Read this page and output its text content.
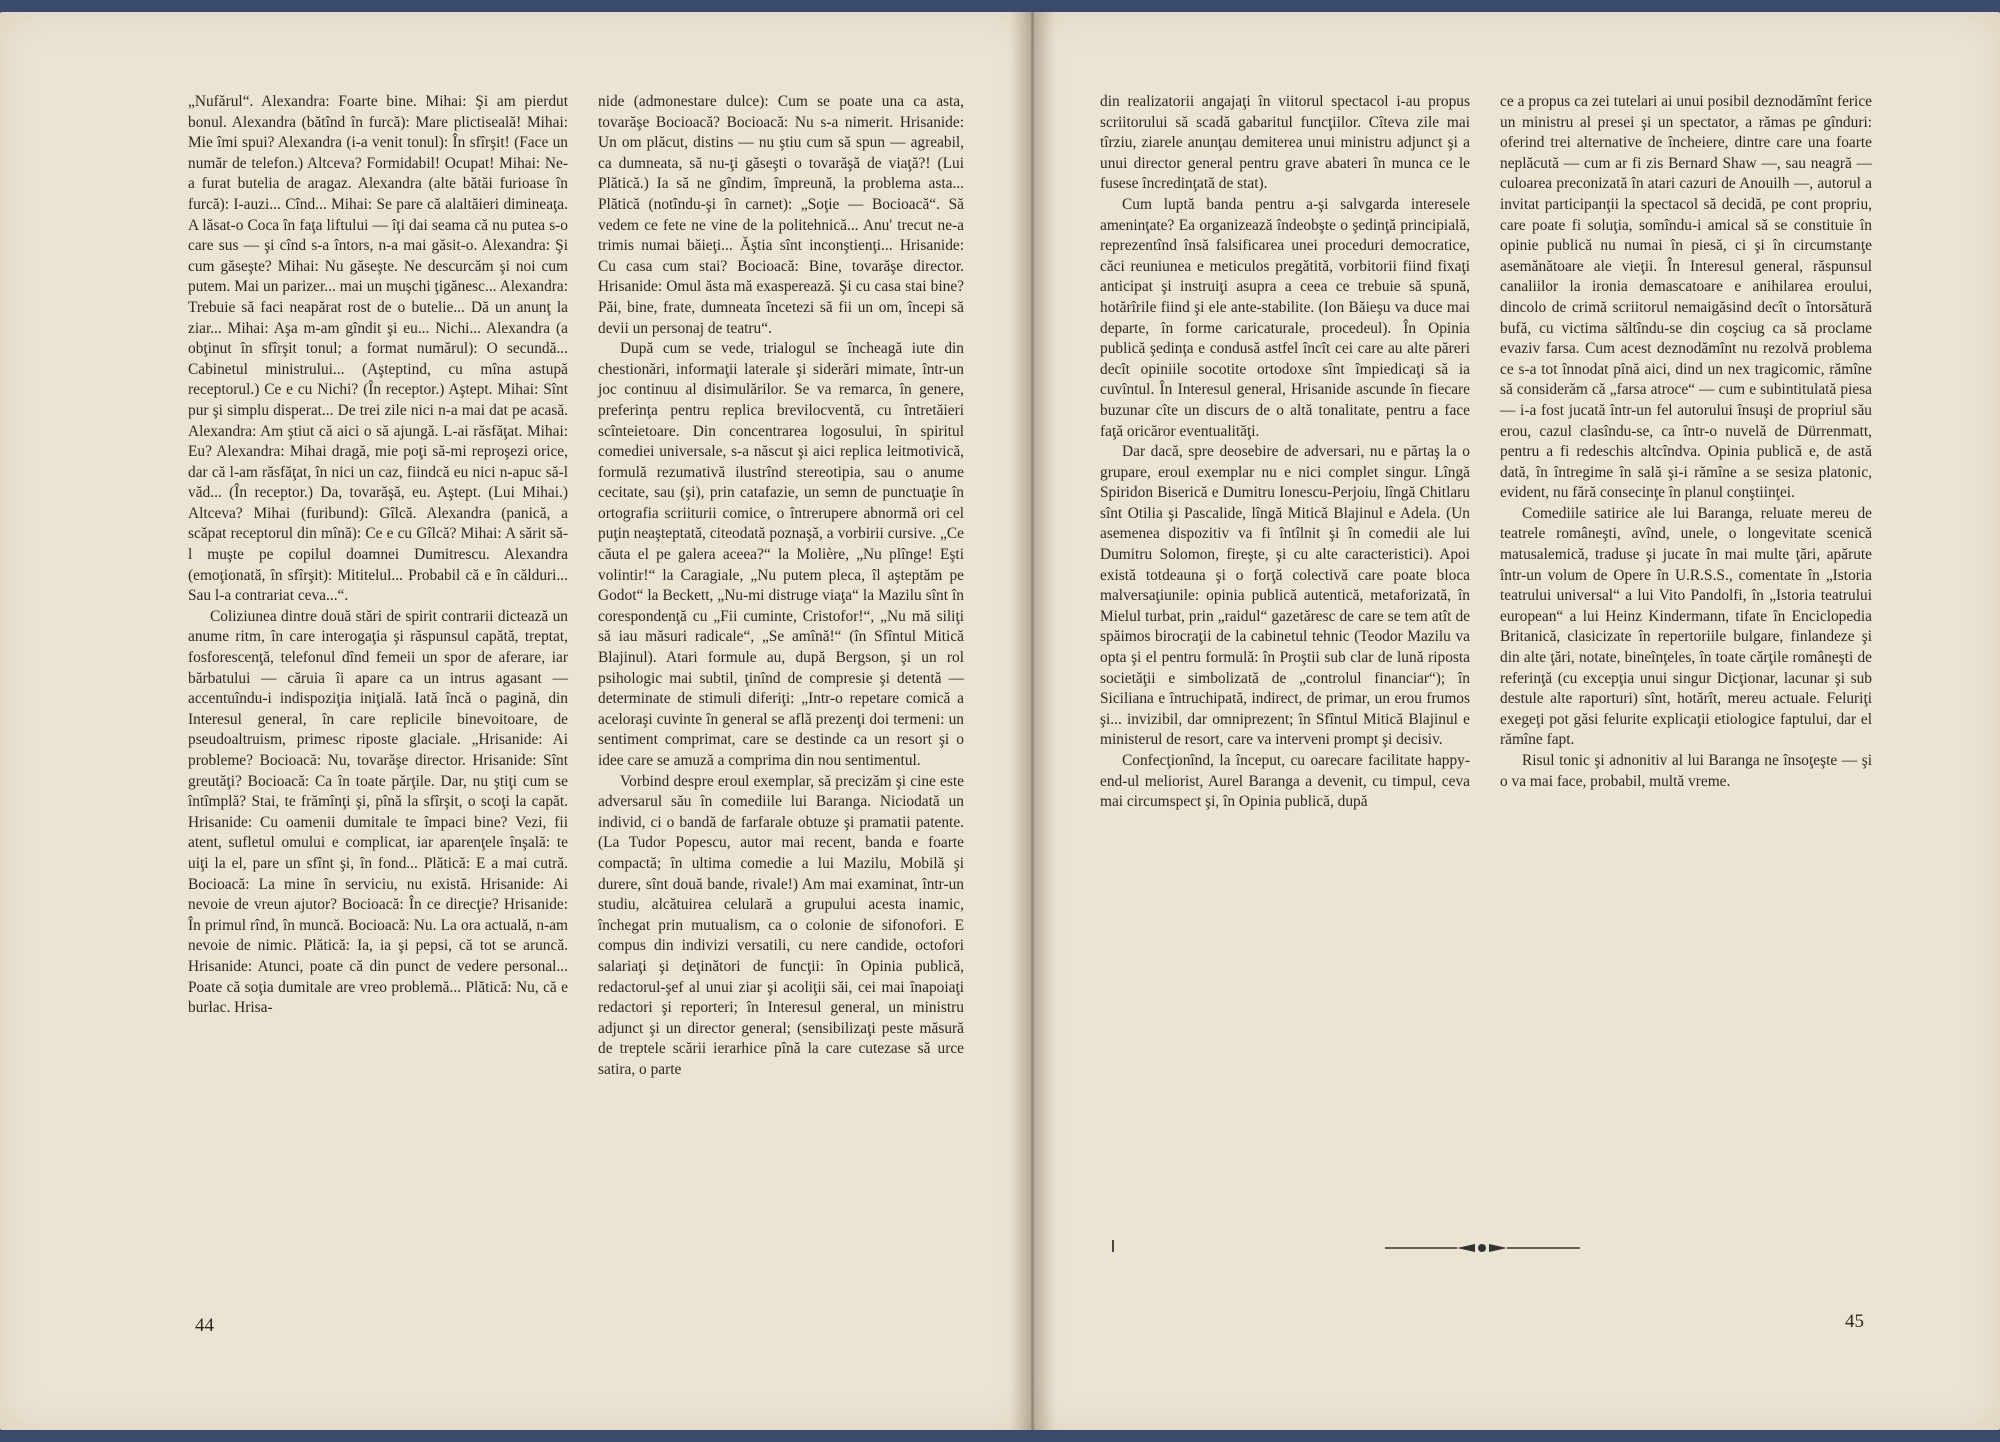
„Nufărul“. Alexandra: Foarte bine. Mihai: Şi am pierdut bonul. Alexandra (bătînd în furcă): Mare plictiseală! Mihai: Mie îmi spui? Alexandra (i-a venit tonul): În sfîrşit! (Face un număr de telefon.) Altceva? Formidabil! Ocupat! Mihai: Ne-a furat butelia de aragaz. Alexandra (alte bătăi furioase în furcă): I-auzi... Cînd... Mihai: Se pare că alaltăieri dimineaţa. A lăsat-o Coca în faţa liftului — îţi dai seama că nu putea s-o care sus — şi cînd s-a întors, n-a mai găsit-o. Alexandra: Şi cum găseşte? Mihai: Nu găseşte. Ne descurcăm şi noi cum putem. Mai un parizer... mai un muşchi ţigănesc... Alexandra: Trebuie să faci neapărat rost de o butelie... Dă un anunţ la ziar... Mihai: Aşa m-am gîndit şi eu... Nichi... Alexandra (a obţinut în sfîrşit tonul; a format numărul): O secundă... Cabinetul ministrului... (Aşteptind, cu mîna astupă receptorul.) Ce e cu Nichi? (În receptor.) Aştept. Mihai: Sînt pur şi simplu disperat... De trei zile nici n-a mai dat pe acasă. Alexandra: Am ştiut că aici o să ajungă. L-ai răsfăţat. Mihai: Eu? Alexandra: Mihai dragă, mie poţi să-mi reproşezi orice, dar că l-am răsfăţat, în nici un caz, fiindcă eu nici n-apuc să-l văd... (În receptor.) Da, tovarăşă, eu. Aştept. (Lui Mihai.) Altceva? Mihai (furibund): Gîlcă. Alexandra (panică, a scăpat receptorul din mînă): Ce e cu Gîlcă? Mihai: A sărit să-l muşte pe copilul doamnei Dumitrescu. Alexandra (emoţionată, în sfîrşit): Mititelul... Probabil că e în călduri... Sau l-a contrariat ceva...“.

Coliziunea dintre două stări de spirit contrarii dictează un anume ritm, în care interogaţia şi răspunsul capătă, treptat, fosforescenţă, telefonul dînd femeii un spor de aferare, iar bărbatului — căruia îi apare ca un intrus agasant — accentuîndu-i indispoziţia iniţială. Iată încă o pagină, din Interesul general, în care replicile binevoitoare, de pseudoaltruism, primesc riposte glaciale. „Hrisanide: Ai probleme? Bocioacă: Nu, tovarăşe director. Hrisanide: Sînt greutăţi? Bocioacă: Ca în toate părţile. Dar, nu ştiţi cum se întîmplă? Stai, te frămînţi şi, pînă la sfîrşit, o scoţi la capăt. Hrisanide: Cu oamenii dumitale te împaci bine? Vezi, fii atent, sufletul omului e complicat, iar aparenţele înşală: te uiţi la el, pare un sfînt şi, în fond... Plătică: E a mai cutră. Bocioacă: La mine în serviciu, nu există. Hrisanide: Ai nevoie de vreun ajutor? Bocioacă: În ce direcţie? Hrisanide: În primul rînd, în muncă. Bocioacă: Nu. La ora actuală, n-am nevoie de nimic. Plătică: Ia, ia şi pepsi, că tot se aruncă. Hrisanide: Atunci, poate că din punct de vedere personal... Poate că soţia dumitale are vreo problemă... Plătică: Nu, că e burlac. Hrisa-

nide (admonestare dulce): Cum se poate una ca asta, tovarăşe Bocioacă? Bocioacă: Nu s-a nimerit. Hrisanide: Un om plăcut, distins — nu ştiu cum să spun — agreabil, ca dumneata, să nu-ţi găseşti o tovarăşă de viaţă?! (Lui Plătică.) Ia să ne gîndim, împreună, la problema asta... Plătică (notîndu-şi în carnet): „Soţie — Bocioacă“. Să vedem ce fete ne vine de la politehnică... Anu' trecut ne-a trimis numai băieţi... Ăştia sînt inconştienţi... Hrisanide: Cu casa cum stai? Bocioacă: Bine, tovarăşe director. Hrisanide: Omul ăsta mă exasperează. Şi cu casa stai bine? Păi, bine, frate, dumneata încetezi să fii un om, începi să devii un personaj de teatru“.

După cum se vede, trialogul se încheagă iute din chestionări, informaţii laterale şi siderări mimate, într-un joc continuu al disimulărilor. Se va remarca, în genere, preferinţa pentru replica brevilocventă, cu întretăieri scînteietoare. Din concentrarea logosului, în spiritul comediei universale, s-a născut şi aici replica leitmotivică, formulă rezumativă ilustrînd stereotipia, sau o anume cecitate, sau (şi), prin catafazie, un semn de punctuaţie în ortografia scriiturii comice, o întrerupere abnormă ori cel puţin neaşteptată, citeodată poznaşă, a vorbirii cursive. „Ce căuta el pe galera aceea?“ la Molière, „Nu plînge! Eşti volintir!“ la Caragiale, „Nu putem pleca, îl aşteptăm pe Godot“ la Beckett, „Nu-mi distruge viaţa“ la Mazilu sînt în corespondenţă cu „Fii cuminte, Cristofor!“, „Nu mă siliţi să iau măsuri radicale“, „Se amînă!“ (în Sfîntul Mitică Blajinul). Atari formule au, după Bergson, şi un rol psihologic mai subtil, ţinînd de compresie şi detentă — determinate de stimuli diferiţi: „Intr-o repetare comică a aceloraşi cuvinte în general se află prezenţi doi termeni: un sentiment comprimat, care se destinde ca un resort şi o idee care se amuză a comprima din nou sentimentul.

Vorbind despre eroul exemplar, să precizăm şi cine este adversarul său în comediile lui Baranga. Niciodată un individ, ci o bandă de farfarale obtuze şi pramatii patente. (La Tudor Popescu, autor mai recent, banda e foarte compactă; în ultima comedie a lui Mazilu, Mobilă şi durere, sînt două bande, rivale!) Am mai examinat, într-un studiu, alcătuirea celulară a grupului acesta inamic, închegat prin mutualism, ca o colonie de sifonofori. E compus din indivizi versatili, cu nere candide, octofori salariaţi şi deţinători de funcţii: în Opinia publică, redactorul-şef al unui ziar şi acoliţii săi, cei mai înapoiaţi redactori şi reporteri; în Interesul general, un ministru adjunct şi un director general; (sensibilizaţi peste măsură de treptele scării ierarhice pînă la care cutezase să urce satira, o parte

din realizatorii angajaţi în viitorul spectacol i-au propus scriitorului să scadă gabaritul funcţiilor. Cîteva zile mai tîrziu, ziarele anunţau demiterea unui ministru adjunct şi a unui director general pentru grave abateri în munca ce le fusese încredinţată de stat).

Cum luptă banda pentru a-şi salvgarda interesele ameninţate? Ea organizează îndeobşte o şedinţă principială, reprezentînd însă falsificarea unei proceduri democratice, căci reuniunea e meticulos pregătită, vorbitorii fiind fixaţi anticipat şi instruiţi asupra a ceea ce trebuie să spună, hotărîrile fiind şi ele ante-stabilite. (Ion Băieşu va duce mai departe, în forme caricaturale, procedeul). În Opinia publică şedinţa e condusă astfel încît cei care au alte păreri decît opiniile socotite ortodoxe sînt împiedicaţi să ia cuvîntul. În Interesul general, Hrisanide ascunde în fiecare buzunar cîte un discurs de o altă tonalitate, pentru a face faţă oricăror eventualităţi.

Dar dacă, spre deosebire de adversari, nu e părtaş la o grupare, eroul exemplar nu e nici complet singur. Lîngă Spiridon Biserică e Dumitru Ionescu-Perjoiu, lîngă Chitlaru sînt Otilia şi Pascalide, lîngă Mitică Blajinul e Adela. (Un asemenea dispozitiv va fi întîlnit şi în comedii ale lui Dumitru Solomon, fireşte, şi cu alte caracteristici). Apoi există totdeauna şi o forţă colectivă care poate bloca malversaţiunile: opinia publică autentică, metaforizată, în Mielul turbat, prin „raidul“ gazetăresc de care se tem atît de spăimos birocraţii de la cabinetul tehnic (Teodor Mazilu va opta şi el pentru formulă: în Proştii sub clar de lună riposta societăţii e simbolizată de „controlul financiar“); în Siciliana e întruchipată, indirect, de primar, un erou frumos şi... invizibil, dar omniprezent; în Sfîntul Mitică Blajinul e ministerul de resort, care va interveni prompt şi decisiv.

Confecţionînd, la început, cu oarecare facilitate happy-end-ul meliorist, Aurel Baranga a devenit, cu timpul, ceva mai circumspect şi, în Opinia publică, după

ce a propus ca zei tutelari ai unui posibil deznodămînt ferice un ministru al presei şi un spectator, a rămas pe gînduri: oferind trei alternative de încheiere, dintre care una foarte neplăcută — cum ar fi zis Bernard Shaw —, sau neagră — culoarea preconizată în atari cazuri de Anouilh —, autorul a invitat participanţii la spectacol să decidă, pe cont propriu, care poate fi soluţia, somîndu-i amical să se constituie în opinie publică nu numai în piesă, ci şi în circumstanţe asemănătoare ale vieţii. În Interesul general, răspunsul canaliilor la ironia demascatoare e anihilarea eroului, dincolo de crimă scriitorul nemaigăsind decît o întorsătură bufă, cu victima săltîndu-se din coşciug ca să proclame evaziv farsa. Cum acest deznodămînt nu rezolvă problema ce s-a tot înnodat pînă aici, dind un nex tragicomic, rămîne să considerăm că „farsa atroce“ — cum e subintitulată piesa — i-a fost jucată într-un fel autorului însuşi de propriul său erou, cazul clasîndu-se, ca într-o nuvelă de Dürrenmatt, pentru a fi redeschis altcîndva. Opinia publică e, de astă dată, în întregime în sală şi-i rămîne a se sesiza platonic, evident, nu fără consecinţe în planul conştiinţei.

Comediile satirice ale lui Baranga, reluate mereu de teatrele româneşti, avînd, unele, o longevitate scenică matusalemică, traduse şi jucate în mai multe ţări, apărute într-un volum de Opere în U.R.S.S., comentate în „Istoria teatrului universal“ a lui Vito Pandolfi, în „Istoria teatrului european“ a lui Heinz Kindermann, tifate în Enciclopedia Britanică, clasicizate în repertoriile bulgare, finlandeze şi din alte ţări, notate, bineînţeles, în toate cărţile româneşti de referinţă (cu excepţia unui singur Dicţionar, lacunar şi sub destule alte raporturi) sînt, hotărît, mereu actuale. Feluriţi exegeţi pot găsi felurite explicaţii etiologice faptului, dar el rămîne fapt.

Risul tonic şi adnonitiv al lui Baranga ne însoţeşte — şi o va mai face, probabil, multă vreme.

44	45
